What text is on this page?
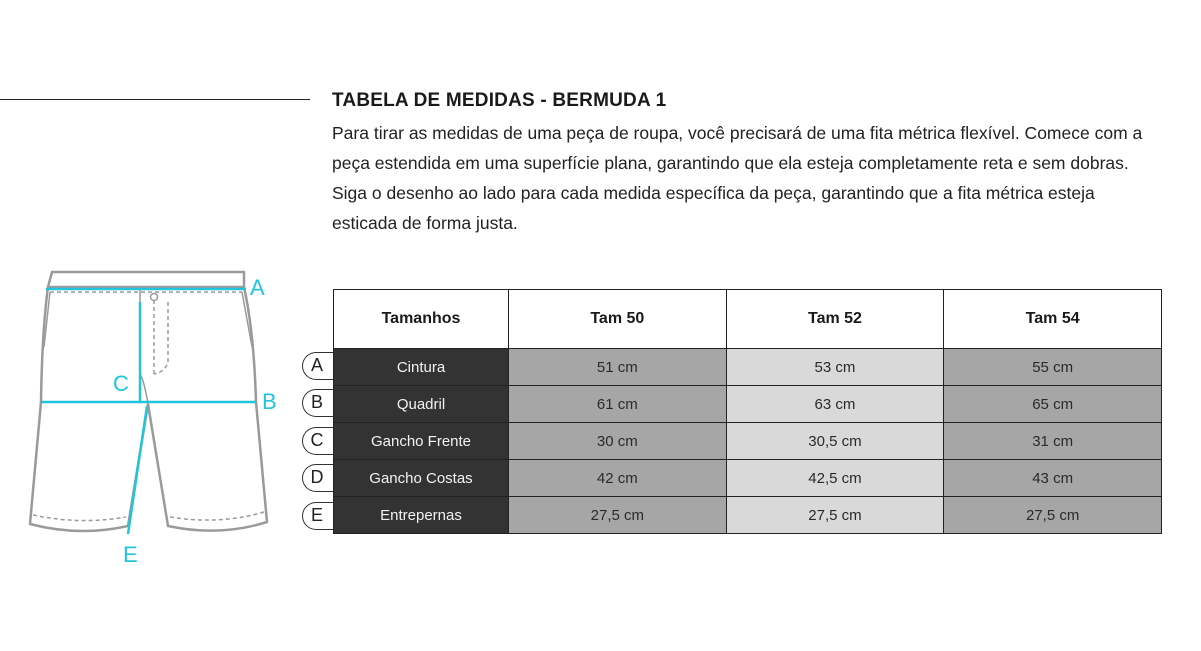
TABELA DE MEDIDAS - BERMUDA 1
Para tirar as medidas de uma peça de roupa, você precisará de uma fita métrica flexível. Comece com a peça estendida em uma superfície plana, garantindo que ela esteja completamente reta e sem dobras. Siga o desenho ao lado para cada medida específica da peça, garantindo que a fita métrica esteja esticada de forma justa.
A
B
C
E
A
B
C
D
E
Tamanhos	Tam 50	Tam 52	Tam 54
Cintura	51 cm	53 cm	55 cm
Quadril	61 cm	63 cm	65 cm
Gancho Frente	30 cm	30,5 cm	31 cm
Gancho Costas	42 cm	42,5 cm	43 cm
Entrepernas	27,5 cm	27,5 cm	27,5 cm
